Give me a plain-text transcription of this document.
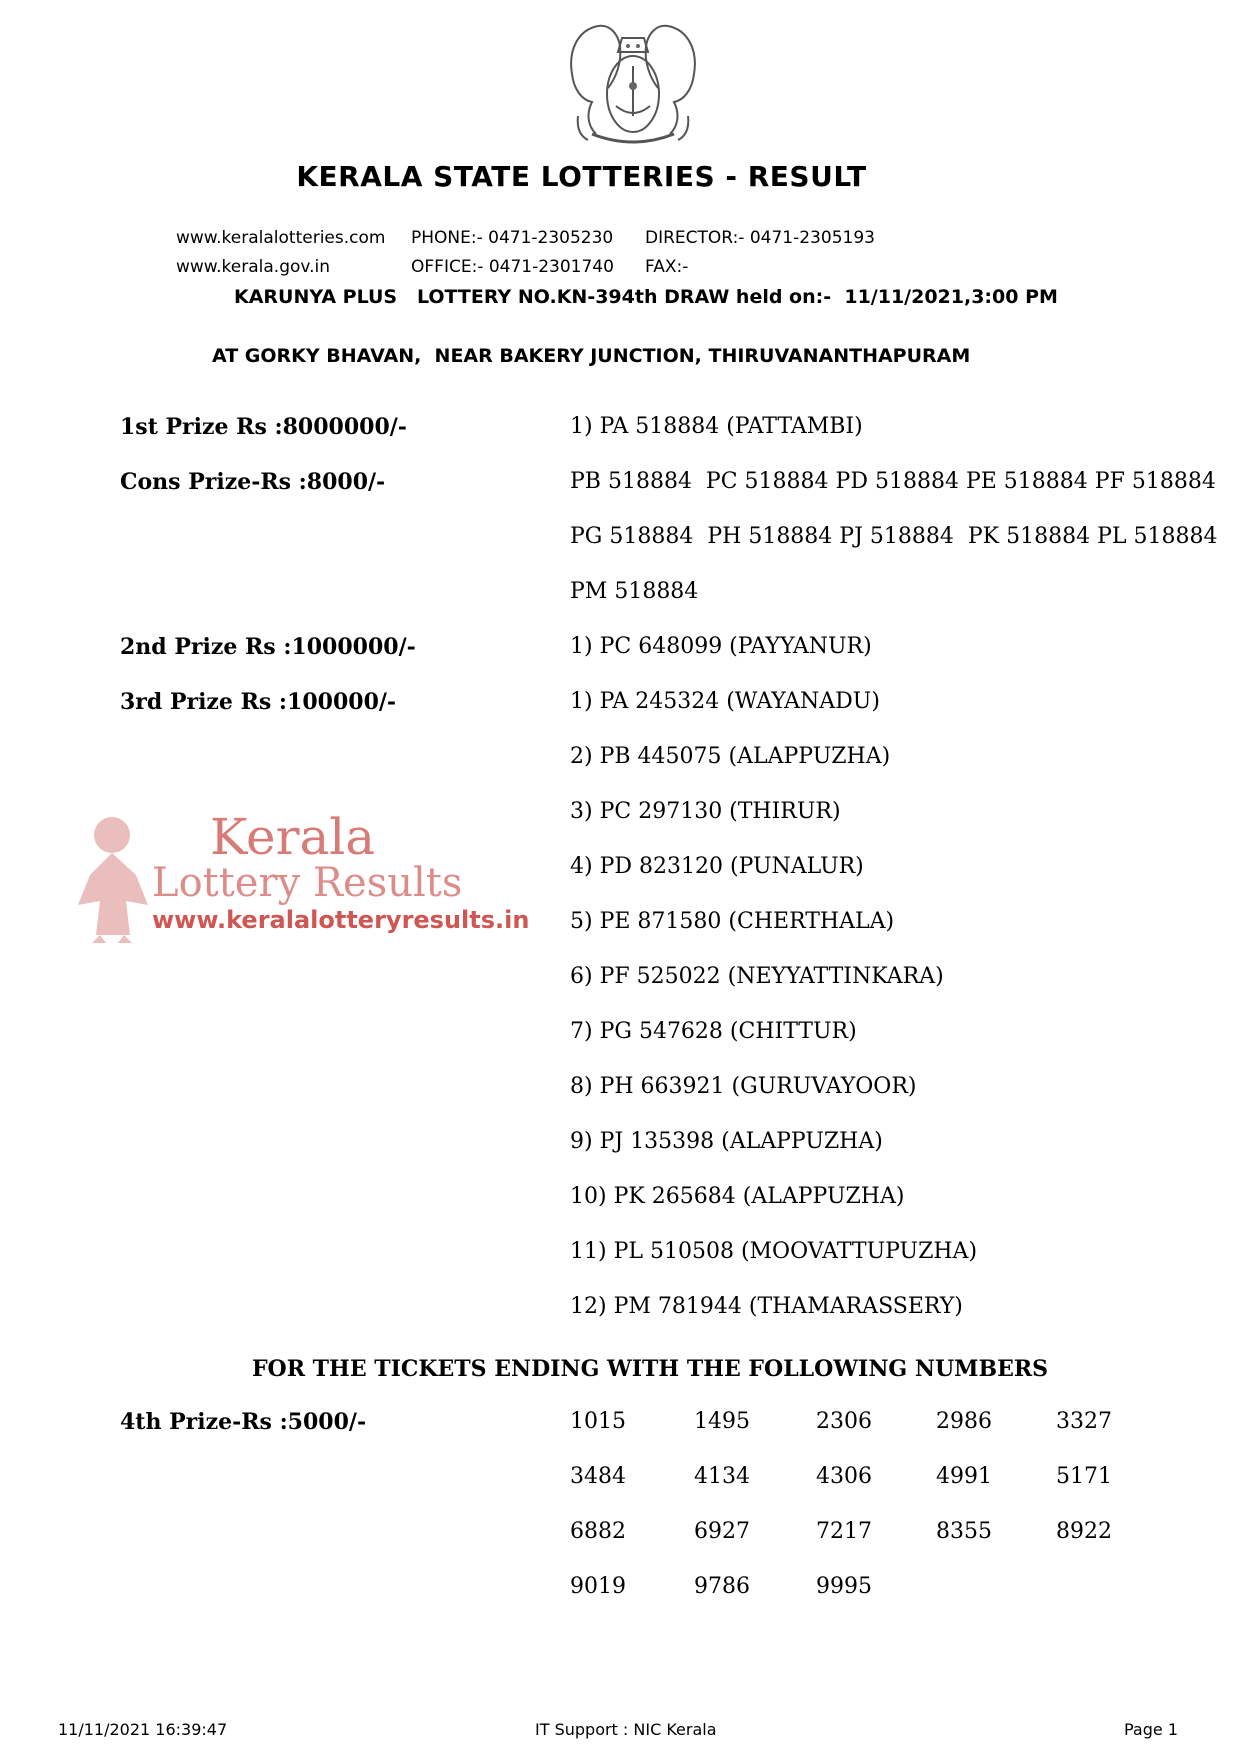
KERALA STATE LOTTERIES - RESULT
www.keralalotteries.com PHONE:- 0471-2305230 DIRECTOR:- 0471-2305193
www.kerala.gov.in	OFFICE:- 0471-2301740 FAX:-
KARUNYA PLUS   LOTTERY NO.KN-394th DRAW held on:-  11/11/2021,3:00 PM
AT GORKY BHAVAN,  NEAR BAKERY JUNCTION, THIRUVANANTHAPURAM
Kerala
Lottery Results
www.keralalotteryresults.in
1st Prize Rs :8000000/-	1) PA 518884 (PATTAMBI)
Cons Prize-Rs :8000/-	PB 518884  PC 518884 PD 518884 PE 518884 PF 518884
PG 518884  PH 518884 PJ 518884  PK 518884 PL 518884
PM 518884
2nd Prize Rs :1000000/-	1) PC 648099 (PAYYANUR)
3rd Prize Rs :100000/-	1) PA 245324 (WAYANADU)
2) PB 445075 (ALAPPUZHA)
3) PC 297130 (THIRUR)
4) PD 823120 (PUNALUR)
5) PE 871580 (CHERTHALA)
6) PF 525022 (NEYYATTINKARA)
7) PG 547628 (CHITTUR)
8) PH 663921 (GURUVAYOOR)
9) PJ 135398 (ALAPPUZHA)
10) PK 265684 (ALAPPUZHA)
11) PL 510508 (MOOVATTUPUZHA)
12) PM 781944 (THAMARASSERY)
FOR THE TICKETS ENDING WITH THE FOLLOWING NUMBERS
4th Prize-Rs :5000/-	1015	1495	2306	2986	3327
3484	4134	4306	4991	5171
6882	6927	7217	8355	8922
9019	9786	9995
11/11/2021 16:39:47	IT Support : NIC Kerala	Page 1
